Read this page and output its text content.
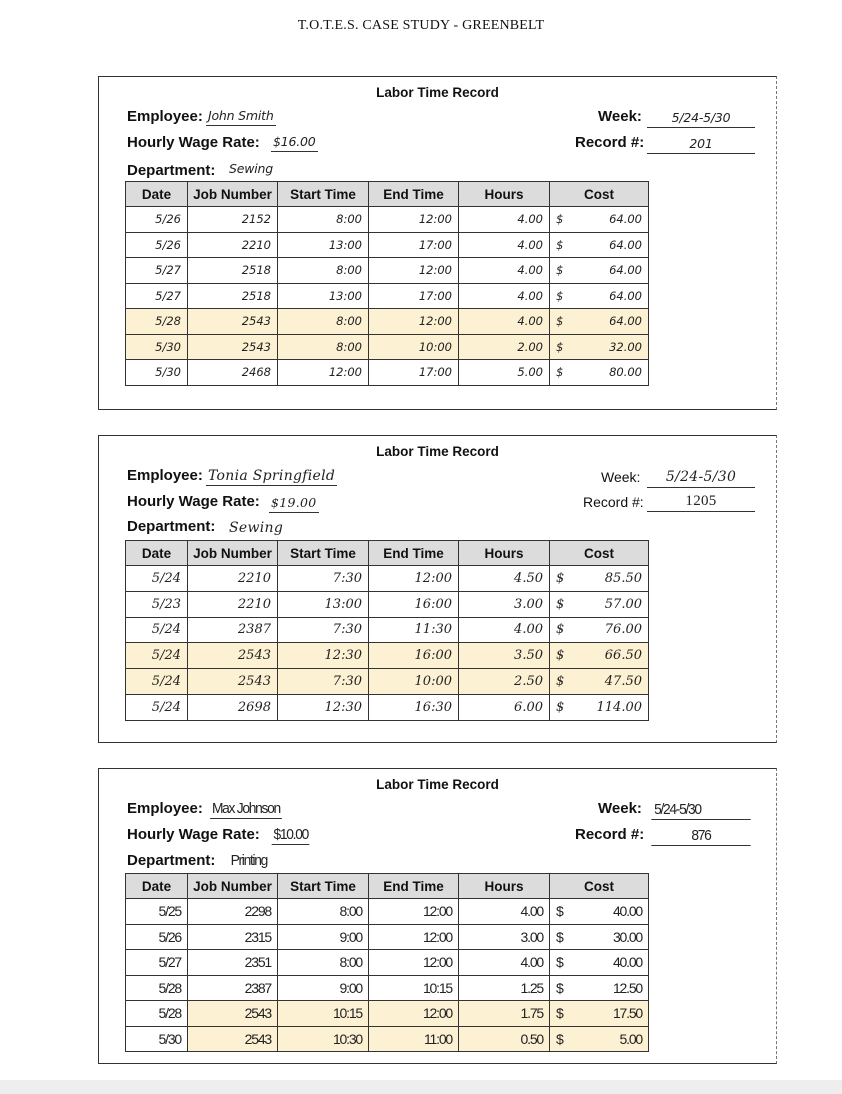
T.O.T.E.S. CASE STUDY - GREENBELT
Labor Time Record
Employee: John Smith
Hourly Wage Rate: $16.00
Department: Sewing
Week:	5/24-5/30
Record #:	201
Date	Job Number	Start Time	End Time	Hours	Cost
5/26	2152	8:00	12:00	4.00	$ 64.00

5/26	2210	13:00	17:00	4.00	$ 64.00

5/27	2518	8:00	12:00	4.00	$ 64.00

5/27	2518	13:00	17:00	4.00	$ 64.00

5/28	2543	8:00	12:00	4.00	$ 64.00

5/30	2543	8:00	10:00	2.00	$ 32.00

5/30	2468	12:00	17:00	5.00	$ 80.00
Labor Time Record
Employee: Tonia Springfield
Hourly Wage Rate: $19.00
Department: Sewing
Week:	5/24-5/30
Record #:	1205
Date	Job Number	Start Time	End Time	Hours	Cost
5/24	2210	7:30	12:00	4.50	$ 85.50

5/23	2210	13:00	16:00	3.00	$ 57.00

5/24	2387	7:30	11:30	4.00	$ 76.00

5/24	2543	12:30	16:00	3.50	$ 66.50

5/24	2543	7:30	10:00	2.50	$ 47.50

5/24	2698	12:30	16:30	6.00	$ 114.00
Labor Time Record
Employee: Max Johnson
Hourly Wage Rate: $10.00
Department: Printing
Week: 5/24-5/30
Record #:	876
Date	Job Number	Start Time	End Time	Hours	Cost
5/25	2298	8:00	12:00	4.00	$ 40.00

5/26	2315	9:00	12:00	3.00	$ 30.00

5/27	2351	8:00	12:00	4.00	$ 40.00

5/28	2387	9:00	10:15	1.25	$ 12.50

5/28	2543	10:15	12:00	1.75	$ 17.50

5/30	2543	10:30	11:00	0.50	$ 5.00
